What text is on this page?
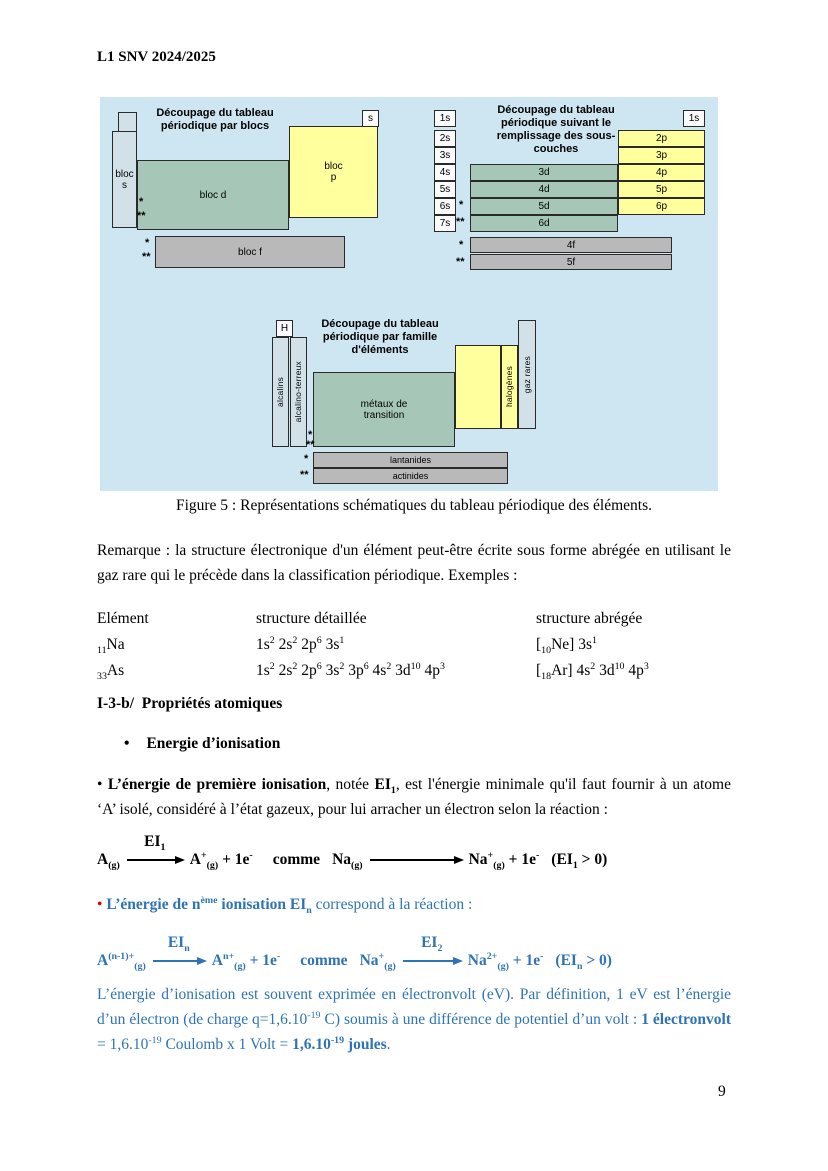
L1 SNV 2024/2025
Découpage du tableau périodique par blocs
s
bloc
s
bloc d
bloc
p
bloc f
*
**
*
**
Découpage du tableau périodique suivant le remplissage des sous-couches
1s	1s
2s
3s
4s
5s
6s
7s
3d
4d
5d
6d
2p
3p
4p
5p
6p
4f
5f
*
**
*
**
Découpage du tableau périodique par famille d'éléments
H
alcalins alcalino-terreux	métaux de transition
halogènes gaz rares
lantanides
actinides
*
**
*
**
Figure 5 : Représentations schématiques du tableau périodique des éléments.
Remarque : la structure électronique d'un élément peut-être écrite sous forme abrégée en utilisant le gaz rare qui le précède dans la classification périodique. Exemples :
Elément	structure détaillée	structure abrégée
$_{11}$Na	$1s^2$ $2s^2$ $2p^6$ $3s^1$	$[_{10}Ne]$ $3s^1$
$_{33}$As	$1s^2$ $2s^2$ $2p^6$ $3s^2$ $3p^6$ $4s^2$ $3d^{10}$ $4p^3$	$[_{18}Ar]$ $4s^2$ $3d^{10}$ $4p^3$
I-3-b/  Propriétés atomiques
• Energie d’ionisation
• L’énergie de première ionisation, notée $EI_1$, est l'énergie minimale qu'il faut fournir à un atome ‘A’ isolé, considéré à l’état gazeux, pour lui arracher un électron selon la réaction :
$A_{(g)}$
$EI_1$
$A^+_{(g)} + 1e^-$ comme $Na_{(g)}$	$Na^+_{(g)} + 1e^-$ $(EI_1 > 0)$
• L’énergie de $n^{ème}$ ionisation $EI_n$ correspond à la réaction :
$A^{(n-1)+}_{(g)}$
$EI_n$
$A^{n+}_{(g)} + 1e^-$ comme $Na^+_{(g)}$
$EI_2$
$Na^{2+}_{(g)} + 1e^-$ $(EI_n > 0)$
L’énergie d’ionisation est souvent exprimée en électronvolt (eV). Par définition, 1 eV est l’énergie d’un électron (de charge $q=1,6.10^{-19}$ C) soumis à une différence de potentiel d’un volt : 1 électronvolt = $1,6.10^{-19}$ Coulomb x 1 Volt = $1,6.10^{-19}$ joules.
9
